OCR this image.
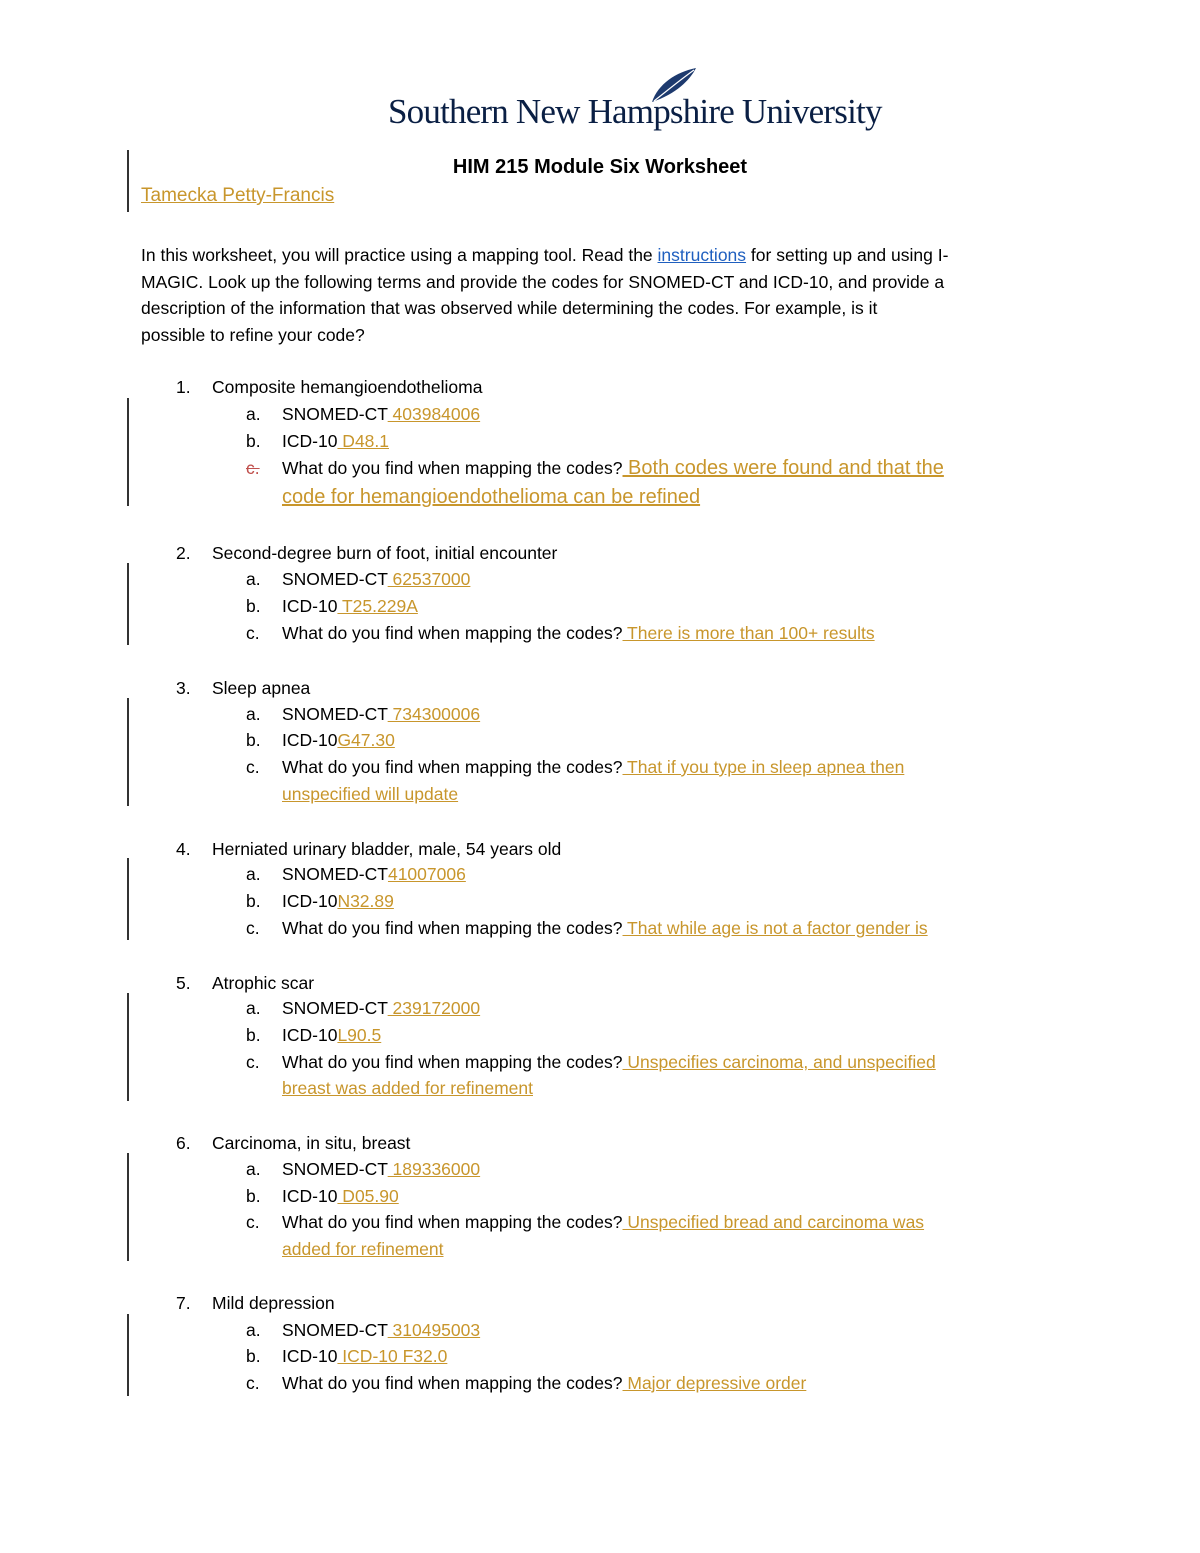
Southern New Hampshire University
HIM 215 Module Six Worksheet
Tamecka Petty-Francis
In this worksheet, you will practice using a mapping tool. Read the instructions for setting up and using I-
MAGIC. Look up the following terms and provide the codes for SNOMED-CT and ICD-10, and provide a
description of the information that was observed while determining the codes. For example, is it
possible to refine your code?
1. Composite hemangioendothelioma
a. SNOMED-CT 403984006
b. ICD-10 D48.1
c. What do you find when mapping the codes? Both codes were found and that the
code for hemangioendothelioma can be refined
2. Second-degree burn of foot, initial encounter
a. SNOMED-CT 62537000
b. ICD-10 T25.229A
c. What do you find when mapping the codes? There is more than 100+ results
3. Sleep apnea
a. SNOMED-CT 734300006
b. ICD-10G47.30
c. What do you find when mapping the codes? That if you type in sleep apnea then
unspecified will update
4. Herniated urinary bladder, male, 54 years old
a. SNOMED-CT41007006
b. ICD-10N32.89
c. What do you find when mapping the codes? That while age is not a factor gender is
5. Atrophic scar
a. SNOMED-CT 239172000
b. ICD-10L90.5
c. What do you find when mapping the codes? Unspecifies carcinoma, and unspecified
breast was added for refinement
6. Carcinoma, in situ, breast
a. SNOMED-CT 189336000
b. ICD-10 D05.90
c. What do you find when mapping the codes? Unspecified bread and carcinoma was
added for refinement
7. Mild depression
a. SNOMED-CT 310495003
b. ICD-10 ICD-10 F32.0
c. What do you find when mapping the codes? Major depressive order
